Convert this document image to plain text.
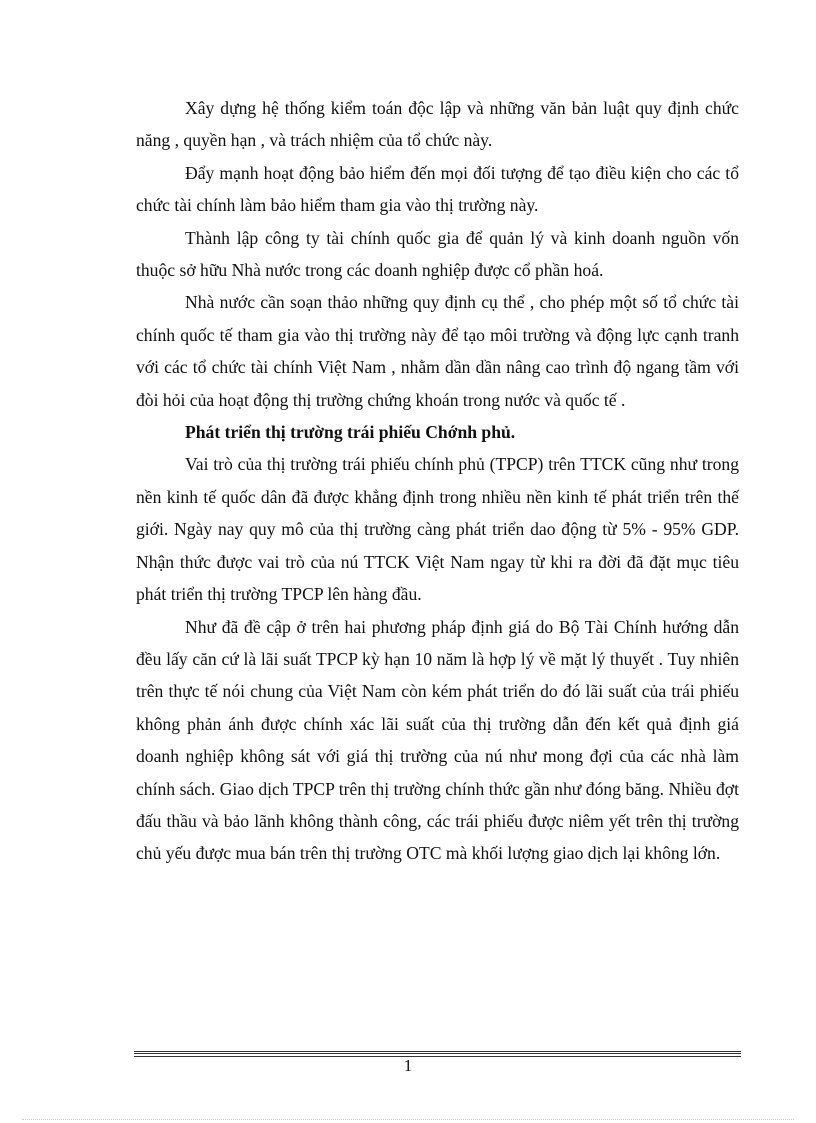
Xây dựng hệ thống kiểm toán độc lập và những văn bản luật quy định chức năng , quyền hạn , và trách nhiệm của tổ chức này.

Đẩy mạnh hoạt động bảo hiểm đến mọi đối tượng để tạo điều kiện cho các tổ chức tài chính làm bảo hiểm tham gia vào thị trường này.

Thành lập công ty tài chính quốc gia để quản lý và kinh doanh nguồn vốn thuộc sở hữu Nhà nước trong các doanh nghiệp được cổ phần hoá.

Nhà nước cần soạn thảo những quy định cụ thể , cho phép một số tổ chức tài chính quốc tế tham gia vào thị trường này để tạo môi trường và động lực cạnh tranh với các tổ chức tài chính Việt Nam , nhằm dần dần nâng cao trình độ ngang tầm với đòi hỏi của hoạt động thị trường chứng khoán trong nước và quốc tế .

Phát triển thị trường trái phiếu Chớnh phủ.

Vai trò của thị trường trái phiếu chính phủ (TPCP) trên TTCK cũng như trong nền kinh tế quốc dân đã được khẳng định trong nhiều nền kinh tế phát triển trên thế giới. Ngày nay quy mô của thị trường càng phát triển dao động từ 5% - 95% GDP. Nhận thức được vai trò của nú TTCK Việt Nam ngay từ khi ra đời đã đặt mục tiêu phát triển thị trường TPCP lên hàng đầu.

Như đã đề cập ở trên hai phương pháp định giá do Bộ Tài Chính hướng dẫn đều lấy căn cứ là lãi suất TPCP kỳ hạn 10 năm là hợp lý về mặt lý thuyết . Tuy nhiên trên thực tế nói chung của Việt Nam còn kém phát triển do đó lãi suất của trái phiếu không phản ánh được chính xác lãi suất của thị trường dẫn đến kết quả định giá doanh nghiệp không sát với giá thị trường của nú như mong đợi của các nhà làm chính sách. Giao dịch TPCP trên thị trường chính thức gần như đóng băng. Nhiều đợt đấu thầu và bảo lãnh không thành công, các trái phiếu được niêm yết trên thị trường chủ yếu được mua bán trên thị trường OTC mà khối lượng giao dịch lại không lớn.

1
